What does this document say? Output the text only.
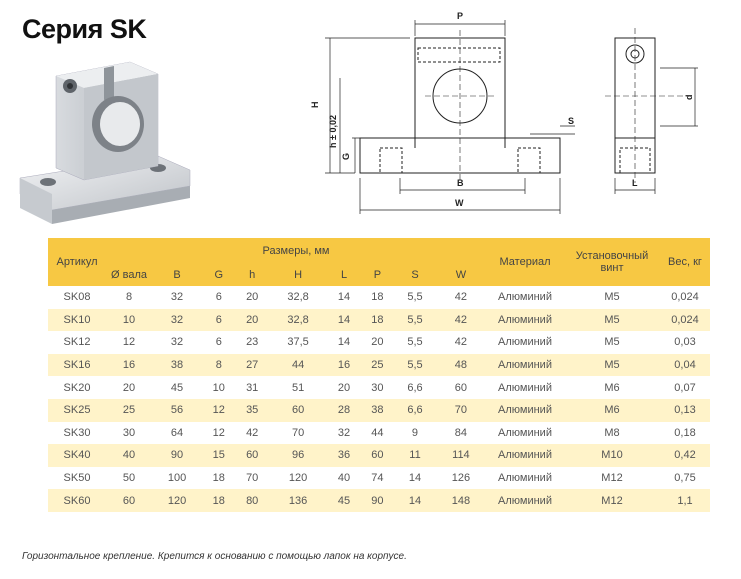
Серия SK	P
H
h ± 0,02
G
S
B
W
d
L
Артикул	Размеры, мм									Материал	Установочный винт	Вес, кг
	Ø вала	B	G	h	H	L	P	S	W			
SK08	8	32	6	20	32,8	14	18	5,5	42	Алюминий	M5	0,024
SK10	10	32	6	20	32,8	14	18	5,5	42	Алюминий	M5	0,024
SK12	12	32	6	23	37,5	14	20	5,5	42	Алюминий	M5	0,03
SK16	16	38	8	27	44	16	25	5,5	48	Алюминий	M5	0,04
SK20	20	45	10	31	51	20	30	6,6	60	Алюминий	M6	0,07
SK25	25	56	12	35	60	28	38	6,6	70	Алюминий	M6	0,13
SK30	30	64	12	42	70	32	44	9	84	Алюминий	M8	0,18
SK40	40	90	15	60	96	36	60	11	114	Алюминий	M10	0,42
SK50	50	100	18	70	120	40	74	14	126	Алюминий	M12	0,75
SK60	60	120	18	80	136	45	90	14	148	Алюминий	M12	1,1
Горизонтальное крепление. Крепится к основанию с помощью лапок на корпусе.
